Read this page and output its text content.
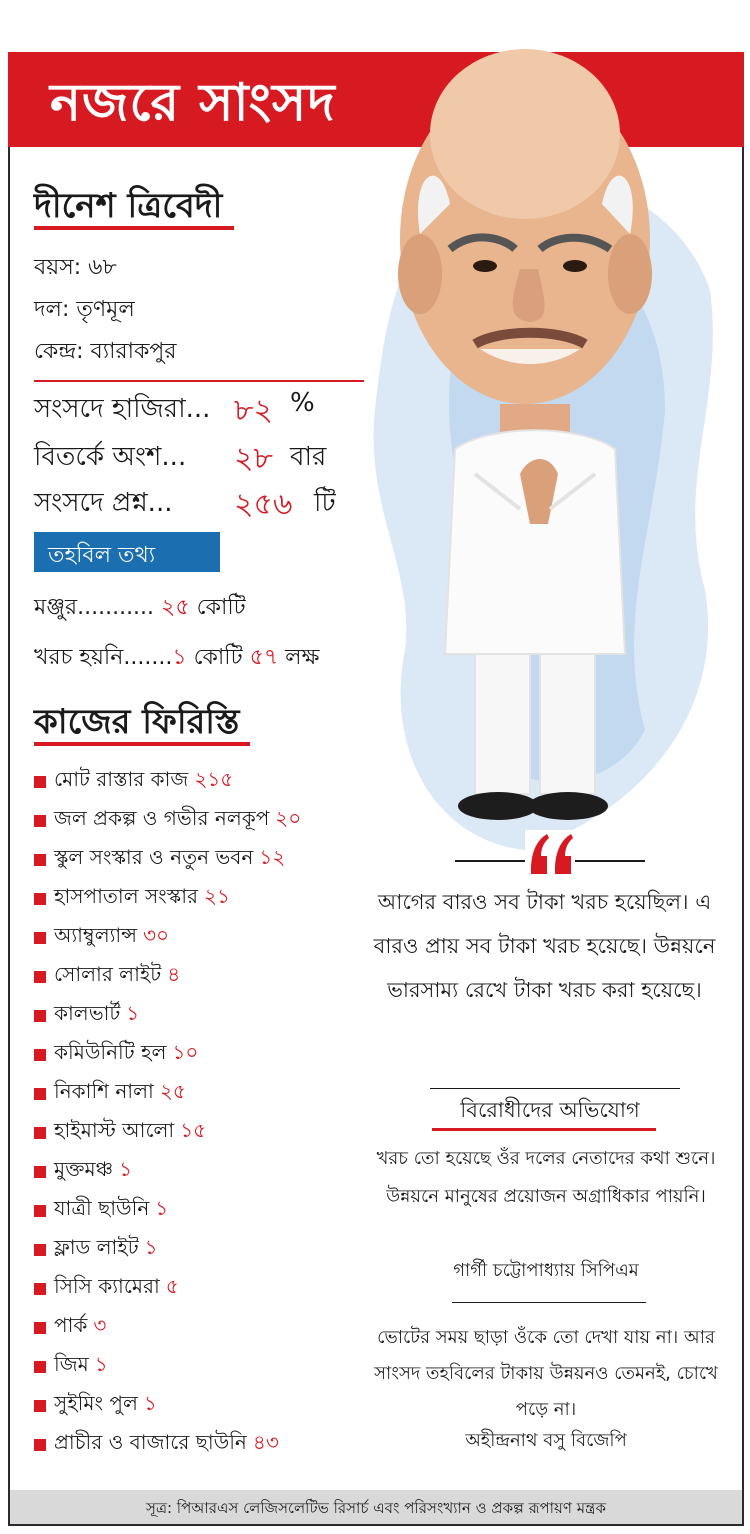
নজরে সাংসদ
দীনেশ ত্রিবেদী
বয়স: ৬৮
দল: তৃণমূল
কেন্দ্র: ব্যারাকপুর
সংসদে হাজিরা... ৮২ %
বিতর্কে অংশ... ২৮ বার
সংসদে প্রশ্ন... ২৫৬ টি
তহবিল তথ্য
মঞ্জুর........... ২৫ কোটি
খরচ হয়নি.......১ কোটি ৫৭ লক্ষ
কাজের ফিরিস্তি
মোট রাস্তার কাজ ২১৫
জল প্রকল্প ও গভীর নলকূপ ২০
স্কুল সংস্কার ও নতুন ভবন ১২
হাসপাতাল সংস্কার ২১
অ্যাম্বুল্যান্স ৩০
সোলার লাইট ৪
কালভার্ট ১
কমিউনিটি হল ১০
নিকাশি নালা ২৫
হাইমাস্ট আলো ১৫
মুক্তমঞ্চ ১
যাত্রী ছাউনি ১
ফ্লাড লাইট ১
সিসি ক্যামেরা ৫
পার্ক ৩
জিম ১
সুইমিং পুল ১
প্রাচীর ও বাজারে ছাউনি ৪৩
আগের বারও সব টাকা খরচ হয়েছিল। এ বারও প্রায় সব টাকা খরচ হয়েছে। উন্নয়নে ভারসাম্য রেখে টাকা খরচ করা হয়েছে।
বিরোধীদের অভিযোগ
খরচ তো হয়েছে ওঁর দলের নেতাদের কথা শুনে। উন্নয়নে মানুষের প্রয়োজন অগ্রাধিকার পায়নি।
গার্গী চট্টোপাধ্যায় সিপিএম
ভোটের সময় ছাড়া ওঁকে তো দেখা যায় না। আর সাংসদ তহবিলের টাকায় উন্নয়নও তেমনই, চোখে পড়ে না।
অহীন্দ্রনাথ বসু বিজেপি
সূত্র: পিআরএস লেজিসলেটিভ রিসার্চ এবং পরিসংখ্যান ও প্রকল্প রূপায়ণ মন্ত্রক
